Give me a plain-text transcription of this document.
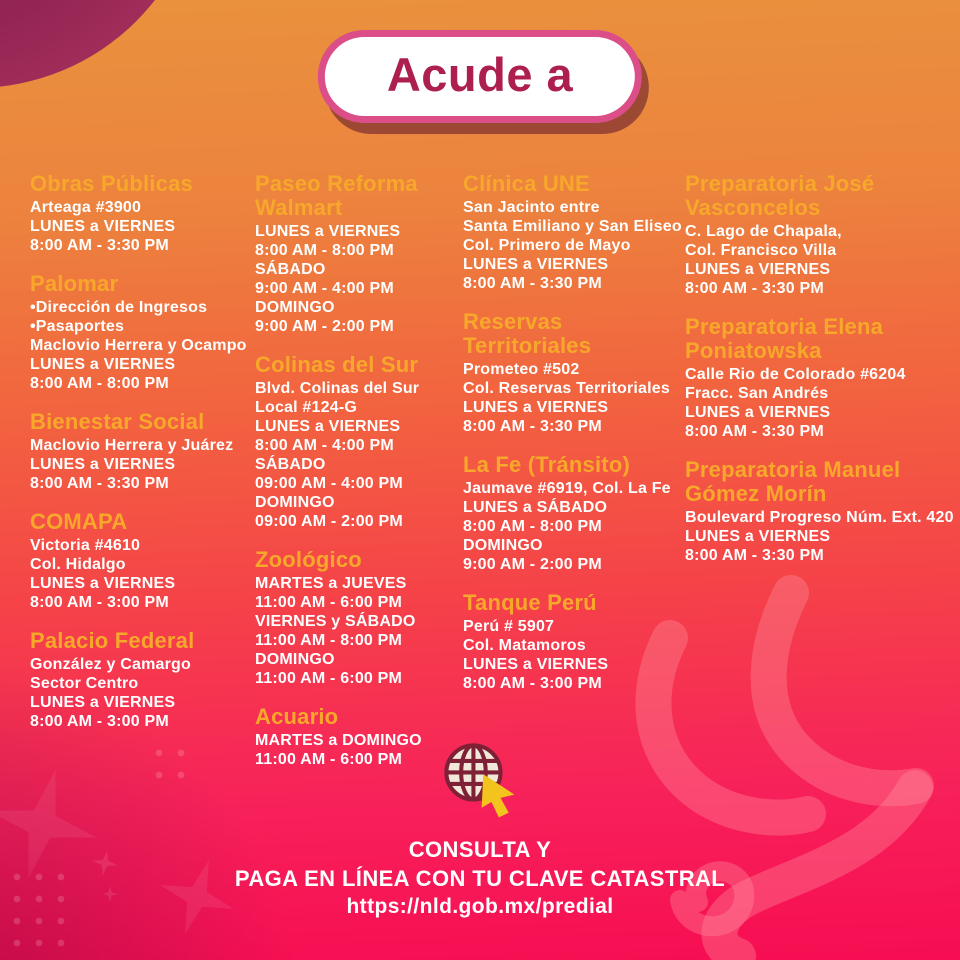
Acude a
Obras Públicas
Arteaga #3900
LUNES a VIERNES
8:00 AM - 3:30 PM
Palomar
•Dirección de Ingresos
•Pasaportes
Maclovio Herrera y Ocampo
LUNES a VIERNES
8:00 AM - 8:00 PM
Bienestar Social
Maclovio Herrera y Juárez
LUNES a VIERNES
8:00 AM - 3:30 PM
COMAPA
Victoria #4610
Col. Hidalgo
LUNES a VIERNES
8:00 AM - 3:00 PM
Palacio Federal
González y Camargo
Sector Centro
LUNES a VIERNES
8:00 AM - 3:00 PM
Paseo Reforma Walmart
LUNES a VIERNES
8:00 AM - 8:00 PM
SÁBADO
9:00 AM - 4:00 PM
DOMINGO
9:00 AM - 2:00 PM
Colinas del Sur
Blvd. Colinas del Sur
Local #124-G
LUNES a VIERNES
8:00 AM - 4:00 PM
SÁBADO
09:00 AM - 4:00 PM
DOMINGO
09:00 AM - 2:00 PM
Zoológico
MARTES a JUEVES
11:00 AM - 6:00 PM
VIERNES y SÁBADO
11:00 AM - 8:00 PM
DOMINGO
11:00 AM - 6:00 PM
Acuario
MARTES a DOMINGO
11:00 AM - 6:00 PM
Clínica UNE
San Jacinto entre
Santa Emiliano y San Eliseo
Col. Primero de Mayo
LUNES a VIERNES
8:00 AM - 3:30 PM
Reservas Territoriales
Prometeo #502
Col. Reservas Territoriales
LUNES a VIERNES
8:00 AM - 3:30 PM
La Fe (Tránsito)
Jaumave #6919, Col. La Fe
LUNES a SÁBADO
8:00 AM - 8:00 PM
DOMINGO
9:00 AM - 2:00 PM
Tanque Perú
Perú # 5907
Col. Matamoros
LUNES a VIERNES
8:00 AM - 3:00 PM
Preparatoria José Vasconcelos
C. Lago de Chapala,
Col. Francisco Villa
LUNES a VIERNES
8:00 AM - 3:30 PM
Preparatoria Elena Poniatowska
Calle Rio de Colorado #6204
Fracc. San Andrés
LUNES a VIERNES
8:00 AM - 3:30 PM
Preparatoria Manuel Gómez Morín
Boulevard Progreso Núm. Ext. 420
LUNES a VIERNES
8:00 AM - 3:30 PM
CONSULTA Y
PAGA EN LÍNEA CON TU CLAVE CATASTRAL
https://nld.gob.mx/predial
